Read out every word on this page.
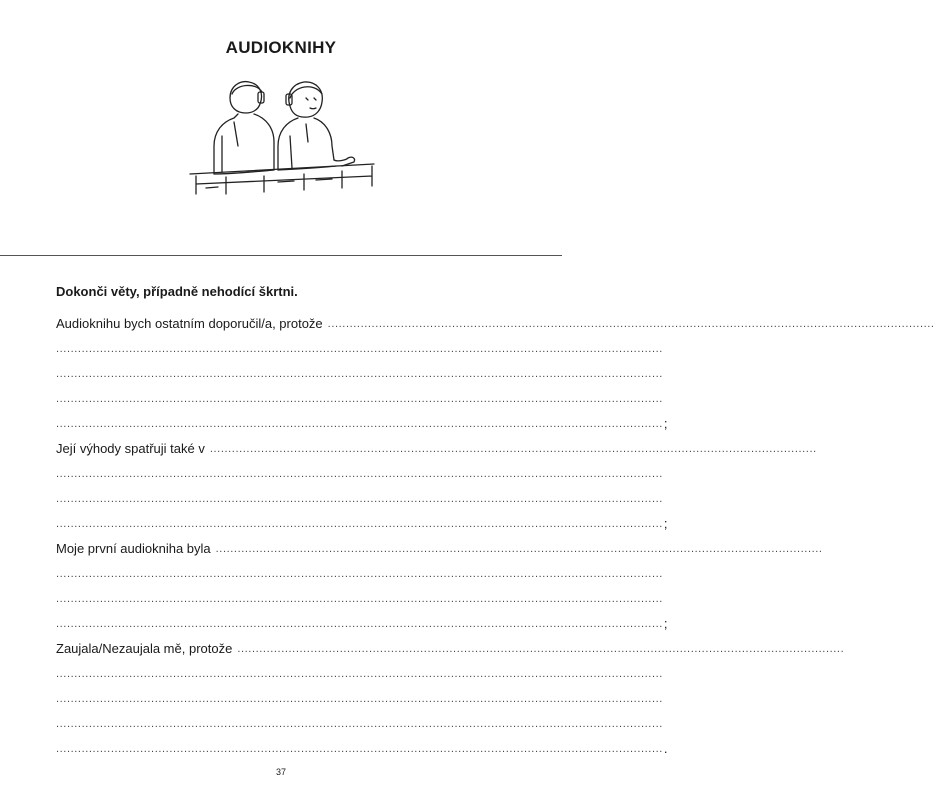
AUDIOKNIHY
Dokonči věty, případně nehodící škrtni.
Audioknihu bych ostatním doporučil/a, protože ......................................................................................................................................................................
......................................................................................................................................................................
......................................................................................................................................................................
......................................................................................................................................................................
...................................................................................................................................................................... ;
Její výhody spatřuji také v ......................................................................................................................................................................
......................................................................................................................................................................
......................................................................................................................................................................
...................................................................................................................................................................... ;
Moje první audiokniha byla ......................................................................................................................................................................
......................................................................................................................................................................
......................................................................................................................................................................
...................................................................................................................................................................... ;
Zaujala/Nezaujala mě, protože ......................................................................................................................................................................
......................................................................................................................................................................
......................................................................................................................................................................
......................................................................................................................................................................
...................................................................................................................................................................... .
37
